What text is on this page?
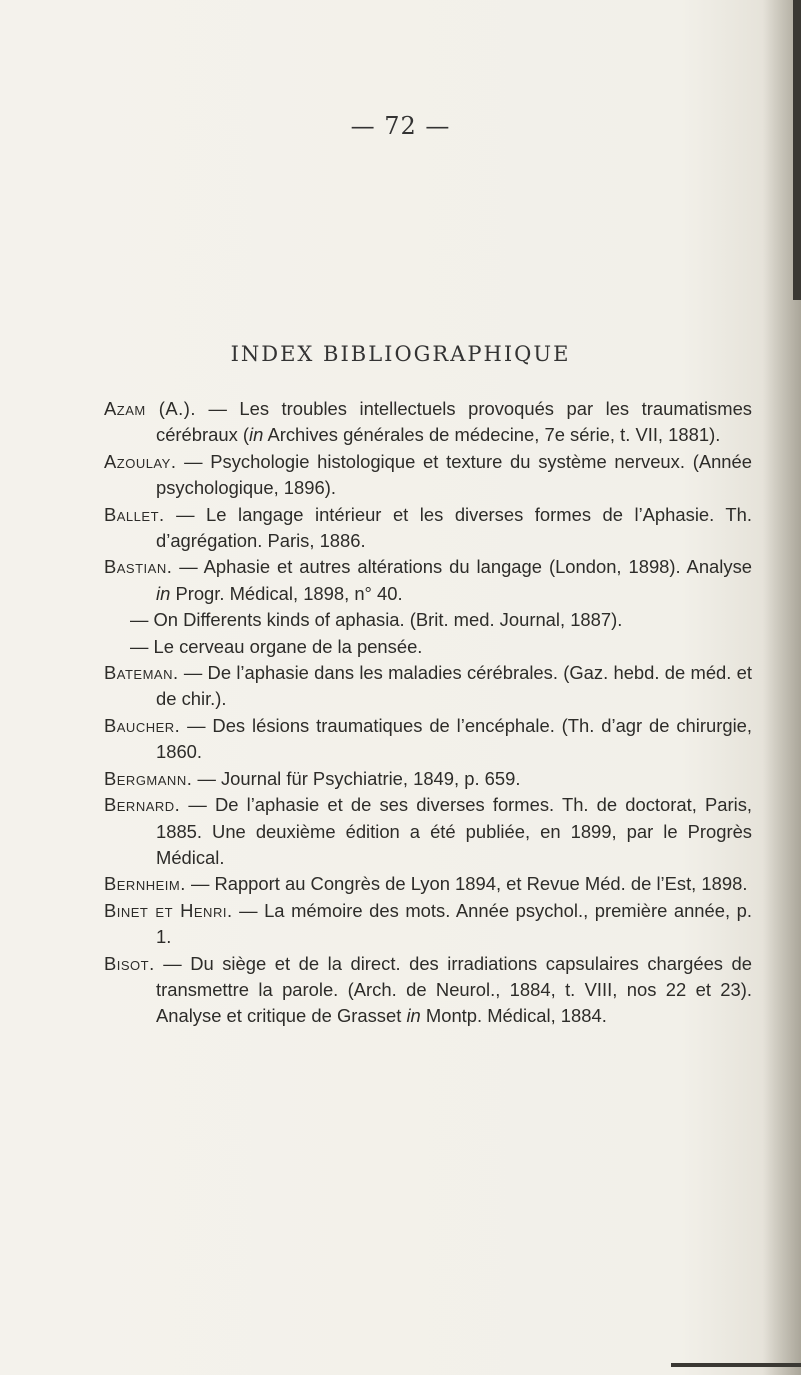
— 72 —
INDEX BIBLIOGRAPHIQUE
Azam (A.). — Les troubles intellectuels provoqués par les traumatismes cérébraux (in Archives générales de médecine, 7e série, t. VII, 1881).
Azoulay. — Psychologie histologique et texture du système nerveux. (Année psychologique, 1896).
Ballet. — Le langage intérieur et les diverses formes de l’Aphasie. Th. d’agrégation. Paris, 1886.
Bastian. — Aphasie et autres altérations du langage (London, 1898). Analyse in Progr. Médical, 1898, n° 40.
— On Differents kinds of aphasia. (Brit. med. Journal, 1887).
— Le cerveau organe de la pensée.
Bateman. — De l’aphasie dans les maladies cérébrales. (Gaz. hebd. de méd. et de chir.).
Baucher. — Des lésions traumatiques de l’encéphale. (Th. d’agr de chirurgie, 1860.
Bergmann. — Journal für Psychiatrie, 1849, p. 659.
Bernard. — De l’aphasie et de ses diverses formes. Th. de doctorat, Paris, 1885. Une deuxième édition a été publiée, en 1899, par le Progrès Médical.
Bernheim. — Rapport au Congrès de Lyon 1894, et Revue Méd. de l’Est, 1898.
Binet et Henri. — La mémoire des mots. Année psychol., première année, p. 1.
Bisot. — Du siège et de la direct. des irradiations capsulaires chargées de transmettre la parole. (Arch. de Neurol., 1884, t. VIII, nos 22 et 23). Analyse et critique de Grasset in Montp. Médical, 1884.
